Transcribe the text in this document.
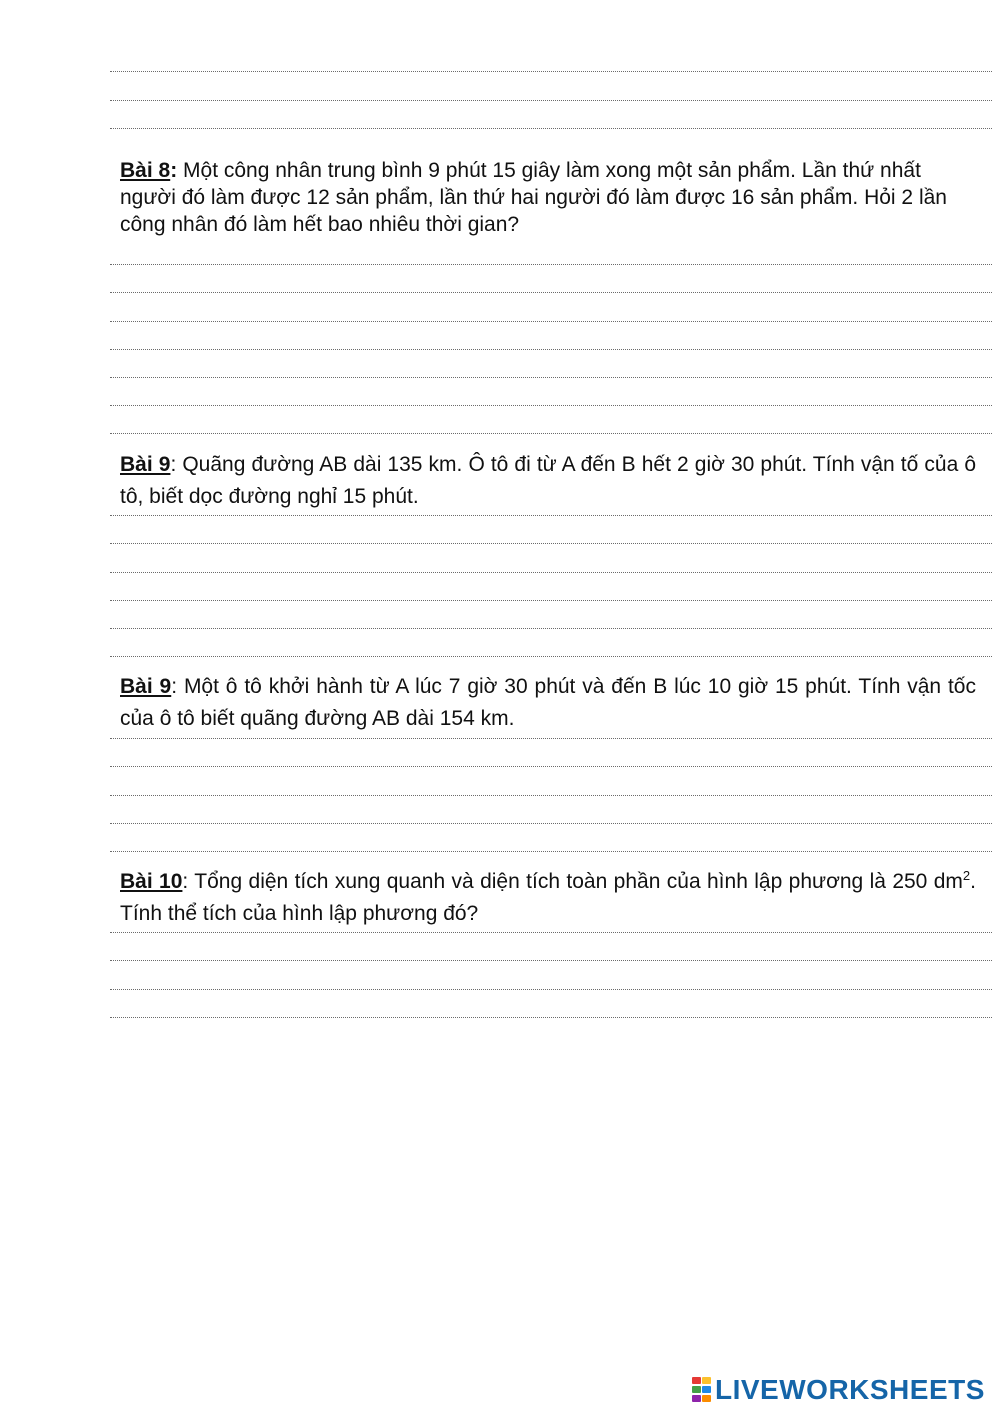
Bài 8: Một công nhân trung bình 9 phút 15 giây làm xong một sản phẩm. Lần thứ nhất người đó làm được 12 sản phẩm, lần thứ hai người đó làm được 16 sản phẩm. Hỏi 2 lần công nhân đó làm hết bao nhiêu thời gian?
Bài 9: Quãng đường AB dài 135 km. Ô tô đi từ A đến B hết 2 giờ 30 phút. Tính vận tố của ô tô, biết dọc đường nghỉ 15 phút.
Bài 9: Một ô tô khởi hành từ A lúc 7 giờ 30 phút và đến B lúc 10 giờ 15 phút. Tính vận tốc của ô tô biết quãng đường AB dài 154 km.
Bài 10: Tổng diện tích xung quanh và diện tích toàn phần của hình lập phương là 250 $dm^2$. Tính thể tích của hình lập phương đó?
LIVEWORKSHEETS
